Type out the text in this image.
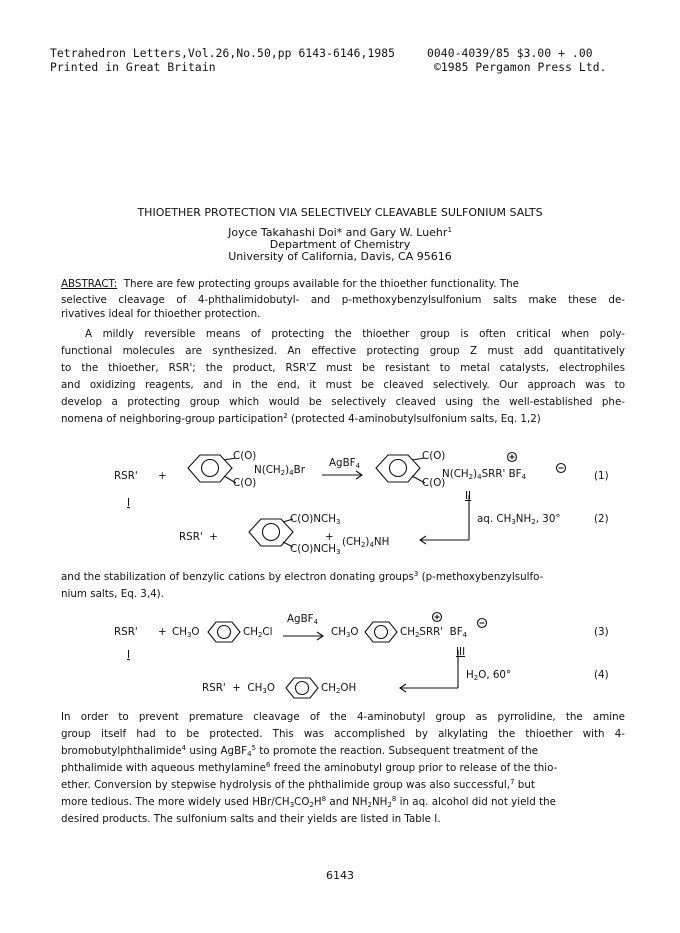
Tetrahedron Letters,Vol.26,No.50,pp 6143-6146,1985
Printed in Great Britain
0040-4039/85 $3.00 + .00
©1985 Pergamon Press Ltd.
THIOETHER PROTECTION VIA SELECTIVELY CLEAVABLE SULFONIUM SALTS
Joyce Takahashi Doi* and Gary W. Luehr$^1$
Department of Chemistry
University of California, Davis, CA 95616
ABSTRACT: There are few protecting groups available for the thioether functionality. The
selective cleavage of 4-phthalimidobutyl- and p-methoxybenzylsulfonium salts make these de-
rivatives ideal for thioether protection.
A mildly reversible means of protecting the thioether group is often critical when poly-
functional molecules are synthesized. An effective protecting group Z must add quantitatively
to the thioether, RSR'; the product, RSR'Z must be resistant to metal catalysts, electrophiles
and oxidizing reagents, and in the end, it must be cleaved selectively. Our approach was to
develop a protecting group which would be selectively cleaved using the well-established phe-
nomena of neighboring-group participation$^2$ (protected 4-aminobutylsulfonium salts, Eq. 1,2)
RSR' +
C(O)
C(O)
$N(CH_2)_4Br$
AgBF$_4$
C(O)
C(O)
$N(CH_2)_4SRR'$ $BF_4$	(1)
I
II
aq. $CH_3NH_2$, 30°	(2)
RSR' +
$C(O)NCH_3$
$C(O)NCH_3$
+ $(CH_2)_4NH$
and the stabilization of benzylic cations by electron donating groups$^3$ (p-methoxybenzylsulfo-
nium salts, Eq. 3,4).
$RSR' + CH_3O$	$CH_2Cl$
AgBF$_4$
$CH_3O$	$CH_2SRR'$ $BF_4$	(3)
I	III
$H_2O$, 60°	(4)
$RSR' + CH_3O$	$CH_2OH$
In order to prevent premature cleavage of the 4-aminobutyl group as pyrrolidine, the amine
group itself had to be protected. This was accomplished by alkylating the thioether with 4-
bromobutylphthalimide$^4$ using AgBF$_4^5$ to promote the reaction. Subsequent treatment of the
phthalimide with aqueous methylamine$^6$ freed the aminobutyl group prior to release of the thio-
ether. Conversion by stepwise hydrolysis of the phthalimide group was also successful,$^7$ but
more tedious. The more widely used HBr/$CH_3CO_2H^8$ and $NH_2NH_2^8$ in aq. alcohol did not yield the
desired products. The sulfonium salts and their yields are listed in Table I.
6143
